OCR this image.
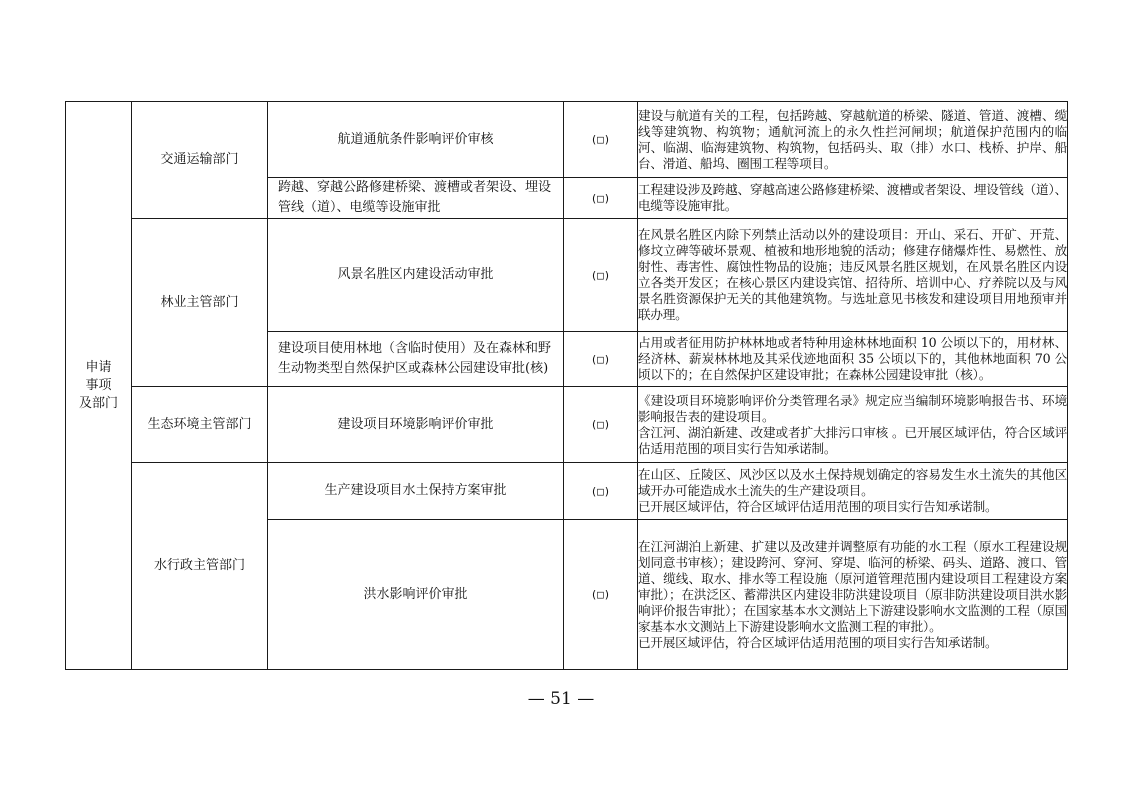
申请
事项
及部门	交通运输部门	航道通航条件影响评价审核	(□)	建设与航道有关的工程，包括跨越、穿越航道的桥梁、隧道、管道、渡槽、缆线等建筑物、构筑物；通航河流上的永久性拦河闸坝；航道保护范围内的临河、临湖、临海建筑物、构筑物，包括码头、取（排）水口、栈桥、护岸、船台、滑道、船坞、圈围工程等项目。

		跨越、穿越公路修建桥梁、渡槽或者架设、埋设管线（道）、电缆等设施审批	(□)	工程建设涉及跨越、穿越高速公路修建桥梁、渡槽或者架设、埋设管线（道）、电缆等设施审批。

	林业主管部门	风景名胜区内建设活动审批	(□)	在风景名胜区内除下列禁止活动以外的建设项目：开山、采石、开矿、开荒、修坟立碑等破坏景观、植被和地形地貌的活动；修建存储爆炸性、易燃性、放射性、毒害性、腐蚀性物品的设施；违反风景名胜区规划，在风景名胜区内设立各类开发区；在核心景区内建设宾馆、招待所、培训中心、疗养院以及与风景名胜资源保护无关的其他建筑物。与选址意见书核发和建设项目用地预审并联办理。

		建设项目使用林地（含临时使用）及在森林和野生动物类型自然保护区或森林公园建设审批(核)	(□)	占用或者征用防护林林地或者特种用途林林地面积 10 公顷以下的，用材林、经济林、薪炭林林地及其采伐迹地面积 35 公顷以下的，其他林地面积 70 公顷以下的；在自然保护区建设审批；在森林公园建设审批（核）。

	生态环境主管部门	建设项目环境影响评价审批	(□)	《建设项目环境影响评价分类管理名录》规定应当编制环境影响报告书、环境影响报告表的建设项目。
含江河、湖泊新建、改建或者扩大排污口审核 。已开展区域评估，符合区域评估适用范围的项目实行告知承诺制。

	水行政主管部门	生产建设项目水土保持方案审批	(□)	在山区、丘陵区、风沙区以及水土保持规划确定的容易发生水土流失的其他区域开办可能造成水土流失的生产建设项目。
已开展区域评估，符合区域评估适用范围的项目实行告知承诺制。

		洪水影响评价审批	(□)	在江河湖泊上新建、扩建以及改建并调整原有功能的水工程（原水工程建设规划同意书审核）；建设跨河、穿河、穿堤、临河的桥梁、码头、道路、渡口、管道、缆线、取水、排水等工程设施（原河道管理范围内建设项目工程建设方案审批）；在洪泛区、蓄滞洪区内建设非防洪建设项目（原非防洪建设项目洪水影响评价报告审批）；在国家基本水文测站上下游建设影响水文监测的工程（原国家基本水文测站上下游建设影响水文监测工程的审批）。
已开展区域评估，符合区域评估适用范围的项目实行告知承诺制。
— 51 —
